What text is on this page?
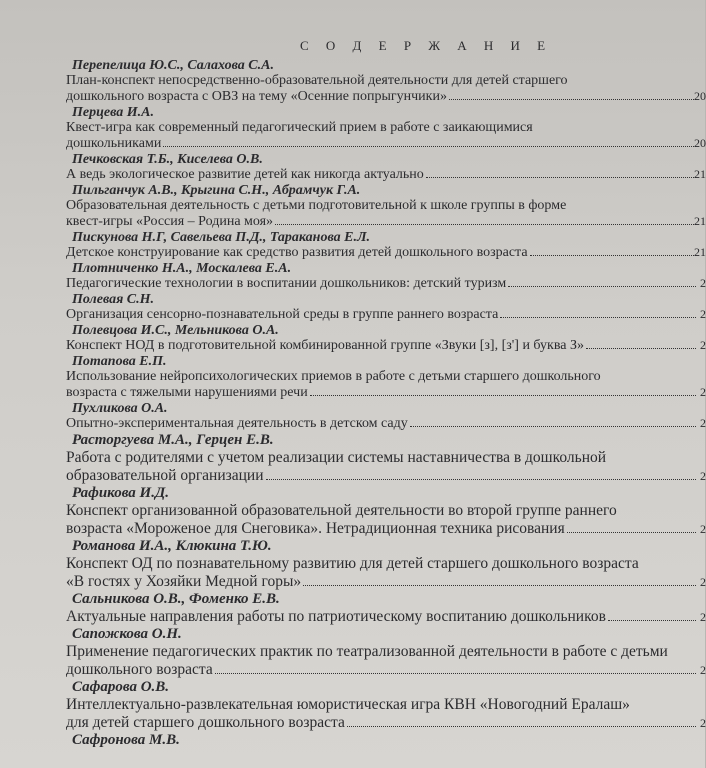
С О Д Е Р Ж А Н И Е
Перепелица Ю.С., Салахова С.А.
План-конспект непосредственно-образовательной деятельности для детей старшего
дошкольного возраста с ОВЗ на тему «Осенние попрыгунчики»	20
Перцева И.А.
Квест-игра как современный педагогический прием в работе с заикающимися
дошкольниками	20
Печковская Т.Б., Киселева О.В.
А ведь экологическое развитие детей как никогда актуально	21
Пильганчук А.В., Крыгина С.Н., Абрамчук Г.А.
Образовательная деятельность с детьми подготовительной к школе группы в форме
квест-игры «Россия – Родина моя»	21
Пискунова Н.Г, Савельева П.Д., Тараканова Е.Л.
Детское конструирование как средство развития детей дошкольного возраста	21
Плотниченко Н.А., Москалева Е.А.
Педагогические технологии в воспитании дошкольников: детский туризм	2
Полевая С.Н.
Организация сенсорно-познавательной среды в группе раннего возраста	2
Полевцова И.С., Мельникова О.А.
Конспект НОД в подготовительной комбинированной группе «Звуки [з], [з'] и буква З»	2
Потапова Е.П.
Использование нейропсихологических приемов в работе с детьми старшего дошкольного
возраста с тяжелыми нарушениями речи	2
Пухликова О.А.
Опытно-экспериментальная деятельность в детском саду	2
Расторгуева М.А., Герцен Е.В.
Работа с родителями с учетом реализации системы наставничества в дошкольной
образовательной организации	2
Рафикова И.Д.
Конспект организованной образовательной деятельности во второй группе раннего
возраста «Мороженое для Снеговика». Нетрадиционная техника рисования	2
Романова И.А., Клюкина Т.Ю.
Конспект ОД по познавательному развитию для детей старшего дошкольного возраста
«В гостях у Хозяйки Медной горы»	2
Сальникова О.В., Фоменко Е.В.
Актуальные направления работы по патриотическому воспитанию дошкольников	2
Сапожкова О.Н.
Применение педагогических практик по театрализованной деятельности в работе с детьми
дошкольного возраста	2
Сафарова О.В.
Интеллектуально-развлекательная юмористическая игра КВН «Новогодний Ералаш»
для детей старшего дошкольного возраста	2
Сафронова М.В.
